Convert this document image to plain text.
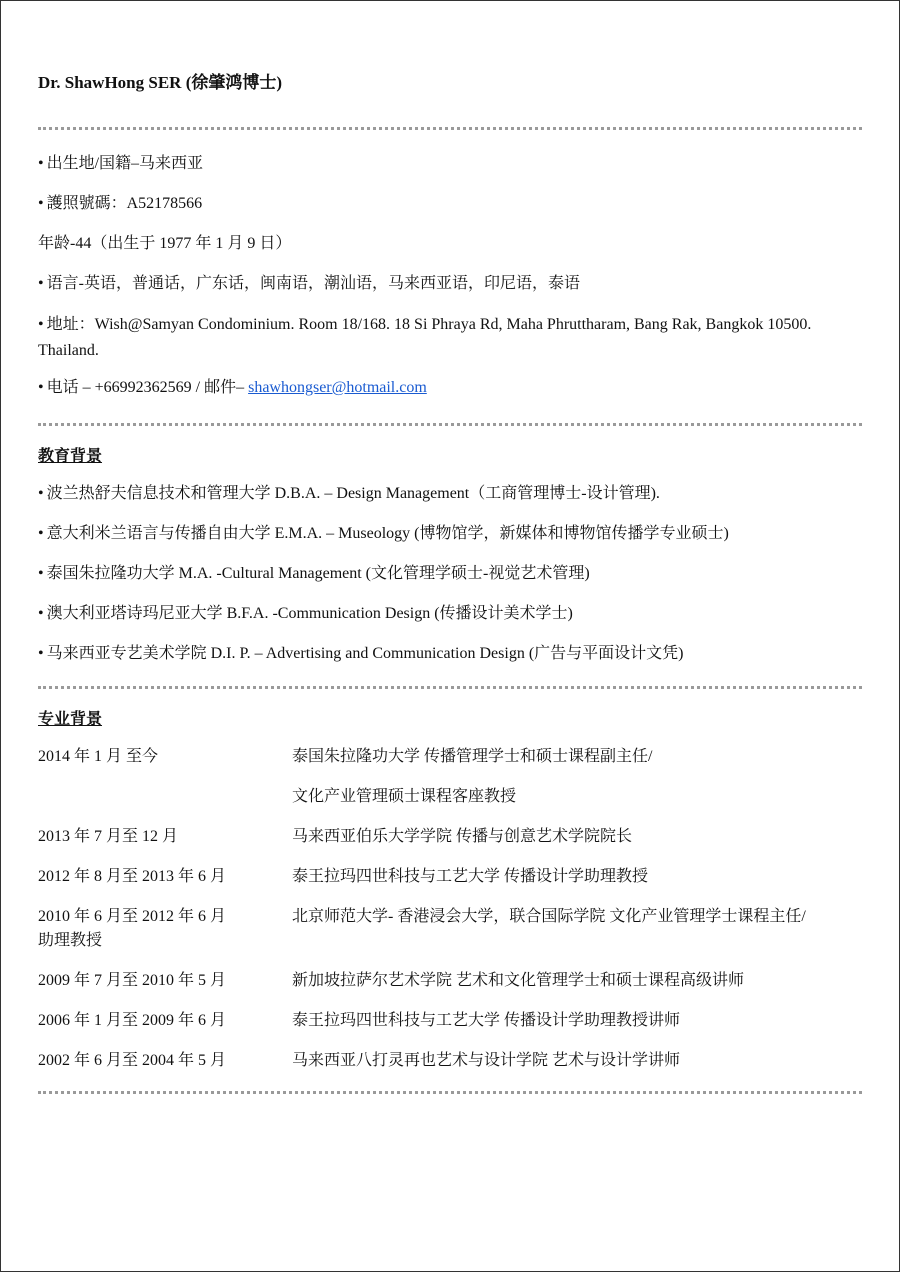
Dr. ShawHong SER (徐肇鸿博士)
• 出生地/国籍–马来西亚
• 護照號碼：A52178566
年龄-44（出生于 1977 年 1 月 9 日）
• 语言-英语，普通话，广东话，闽南语，潮汕语，马来西亚语，印尼语，泰语
• 地址：Wish@Samyan Condominium. Room 18/168. 18 Si Phraya Rd, Maha Phruttharam, Bang Rak, Bangkok 10500. Thailand.
• 电话 – +66992362569 / 邮件– shawhongser@hotmail.com
教育背景
• 波兰热舒夫信息技术和管理大学 D.B.A. – Design Management（工商管理博士-设计管理).
• 意大利米兰语言与传播自由大学 E.M.A. – Museology (博物馆学，新媒体和博物馆传播学专业硕士)
• 泰国朱拉隆功大学 M.A. -Cultural Management (文化管理学硕士-视觉艺术管理)
• 澳大利亚塔诗玛尼亚大学 B.F.A. -Communication Design (传播设计美术学士)
• 马来西亚专艺美术学院 D.I. P. – Advertising and Communication Design (广告与平面设计文凭)
专业背景
2014 年 1 月 至今	泰国朱拉隆功大学 传播管理学士和硕士课程副主任/
文化产业管理硕士课程客座教授
2013 年 7 月至 12 月	马来西亚伯乐大学学院 传播与创意艺术学院院长
2012 年 8 月至 2013 年 6 月	泰王拉玛四世科技与工艺大学 传播设计学助理教授
2010 年 6 月至 2012 年 6 月	北京师范大学- 香港浸会大学，联合国际学院 文化产业管理学士课程主任/
助理教授
2009 年 7 月至 2010 年 5 月	新加坡拉萨尔艺术学院 艺术和文化管理学士和硕士课程高级讲师
2006 年 1 月至 2009 年 6 月	泰王拉玛四世科技与工艺大学 传播设计学助理教授讲师
2002 年 6 月至 2004 年 5 月	马来西亚八打灵再也艺术与设计学院 艺术与设计学讲师
